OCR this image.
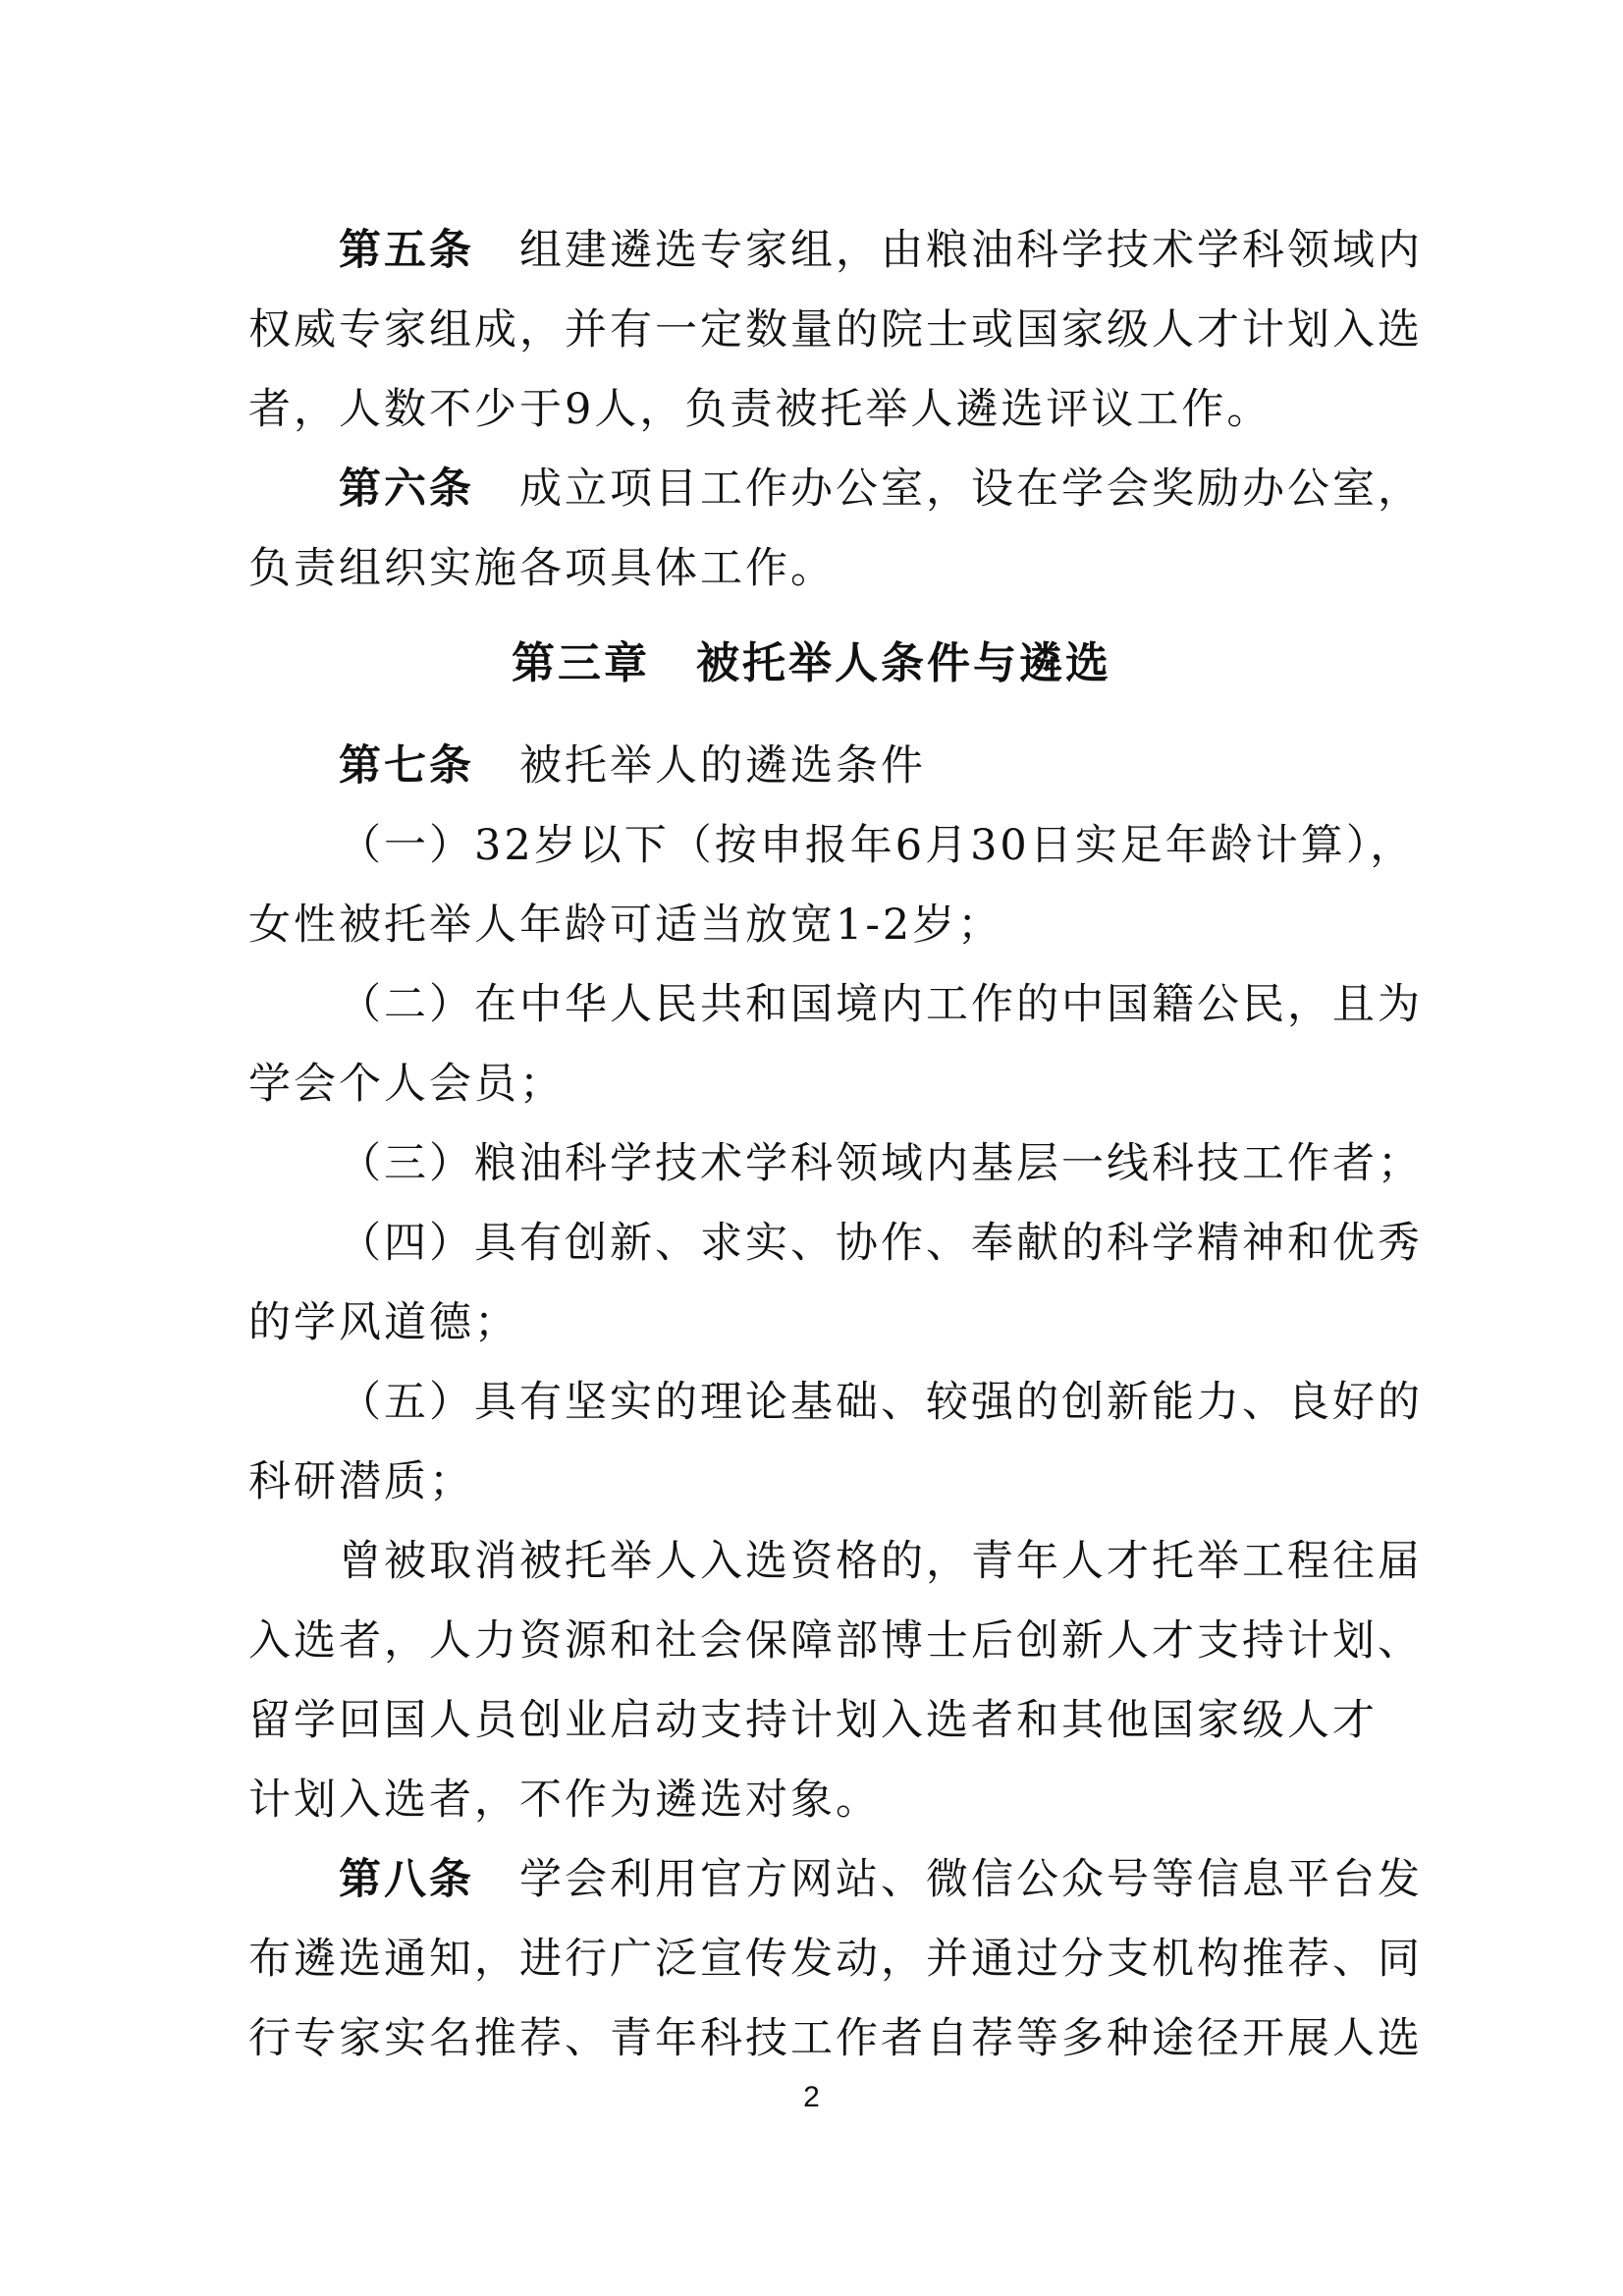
第五条 组建遴选专家组，由粮油科学技术学科领域内
权威专家组成，并有一定数量的院士或国家级人才计划入选
者，人数不少于9人，负责被托举人遴选评议工作。
第六条 成立项目工作办公室，设在学会奖励办公室，
负责组织实施各项具体工作。
第三章　被托举人条件与遴选
第七条 被托举人的遴选条件
（一）32岁以下（按申报年6月30日实足年龄计算），
女性被托举人年龄可适当放宽1-2岁；
（二）在中华人民共和国境内工作的中国籍公民，且为
学会个人会员；
（三）粮油科学技术学科领域内基层一线科技工作者；
（四）具有创新、求实、协作、奉献的科学精神和优秀
的学风道德；
（五）具有坚实的理论基础、较强的创新能力、良好的
科研潜质；
曾被取消被托举人入选资格的，青年人才托举工程往届
入选者，人力资源和社会保障部博士后创新人才支持计划、
留学回国人员创业启动支持计划入选者和其他国家级人才
计划入选者，不作为遴选对象。
第八条 学会利用官方网站、微信公众号等信息平台发
布遴选通知，进行广泛宣传发动，并通过分支机构推荐、同
行专家实名推荐、青年科技工作者自荐等多种途径开展人选
2
